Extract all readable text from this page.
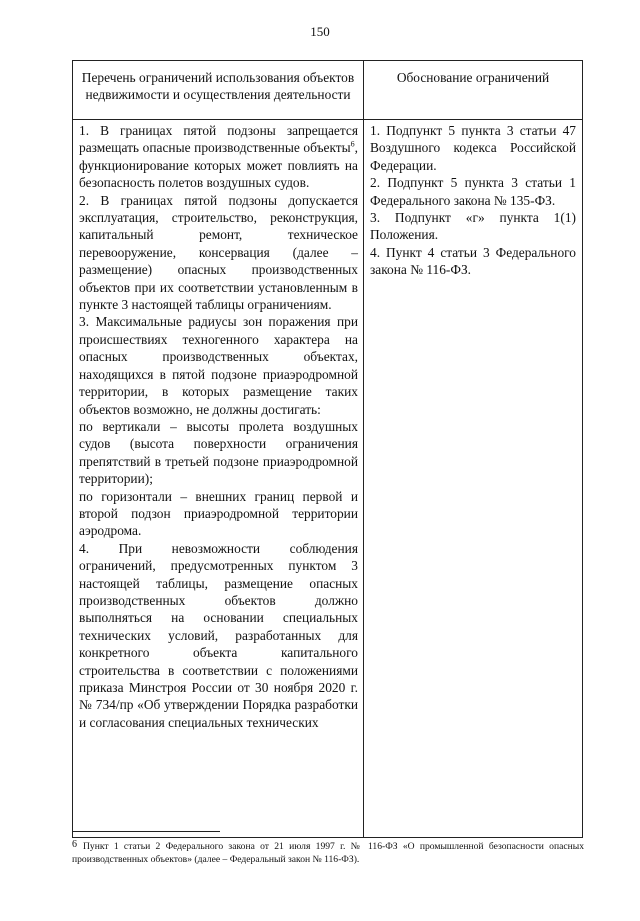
150
Перечень ограничений использования объектов недвижимости и осуществления деятельности
Обоснование ограничений

1. В границах пятой подзоны запрещается размещать опасные производственные объекты$^6$, функционирование которых может повлиять на безопасность полетов воздушных судов.

2. В границах пятой подзоны допускается эксплуатация, строительство, реконструкция, капитальный ремонт, техническое перевооружение, консервация (далее – размещение) опасных производственных объектов при их соответствии установленным в пункте 3 настоящей таблицы ограничениям.

3. Максимальные радиусы зон поражения при происшествиях техногенного характера на опасных производственных объектах, находящихся в пятой подзоне приаэродромной территории, в которых размещение таких объектов возможно, не должны достигать:

по вертикали – высоты пролета воздушных судов (высота поверхности ограничения препятствий в третьей подзоне приаэродромной территории);

по горизонтали – внешних границ первой и второй подзон приаэродромной территории аэродрома.

4. При невозможности соблюдения ограничений, предусмотренных пунктом 3 настоящей таблицы, размещение опасных производственных объектов должно выполняться на основании специальных технических условий, разработанных для конкретного объекта капитального строительства в соответствии с положениями приказа Минстроя России от 30 ноября 2020 г. № 734/пр «Об утверждении Порядка разработки и согласования специальных технических

1. Подпункт 5 пункта 3 статьи 47 Воздушного кодекса Российской Федерации.

2. Подпункт 5 пункта 3 статьи 1 Федерального закона № 135-ФЗ.

3. Подпункт «г» пункта 1(1) Положения.

4. Пункт 4 статьи 3 Федерального закона № 116-ФЗ.

6 Пункт 1 статьи 2 Федерального закона от 21 июля 1997 г. № 116-ФЗ «О промышленной безопасности опасных производственных объектов» (далее – Федеральный закон № 116-ФЗ).
